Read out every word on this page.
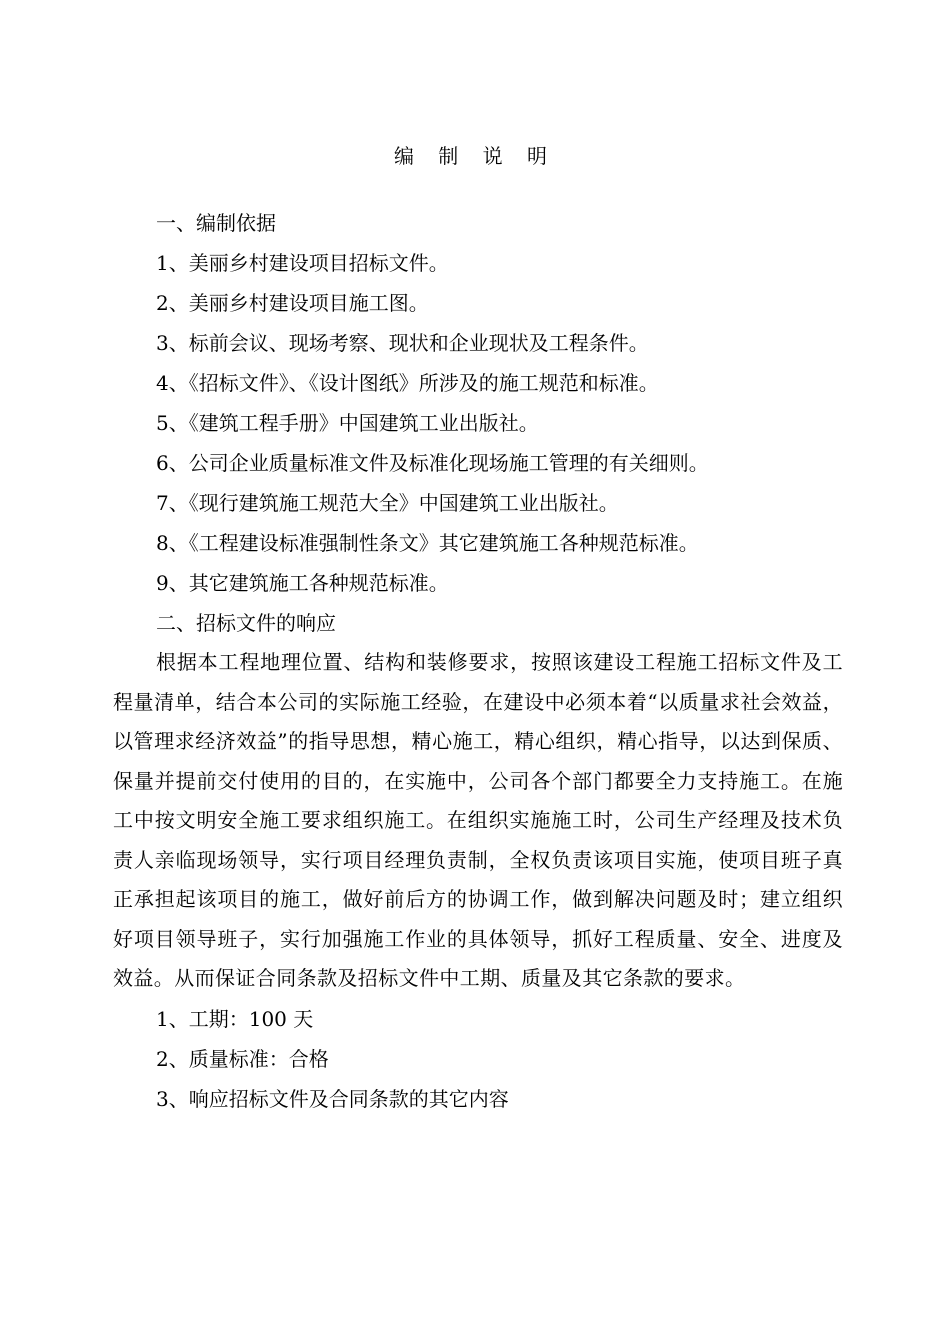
编 制 说 明
一、编制依据
1、美丽乡村建设项目招标文件。
2、美丽乡村建设项目施工图。
3、标前会议、现场考察、现状和企业现状及工程条件。
4、《招标文件》、《设计图纸》所涉及的施工规范和标准。
5、《建筑工程手册》中国建筑工业出版社。
6、公司企业质量标准文件及标准化现场施工管理的有关细则。
7、《现行建筑施工规范大全》中国建筑工业出版社。
8、《工程建设标准强制性条文》其它建筑施工各种规范标准。
9、其它建筑施工各种规范标准。
二、招标文件的响应
根据本工程地理位置、结构和装修要求，按照该建设工程施工招标文件及工程量清单，结合本公司的实际施工经验，在建设中必须本着“以质量求社会效益，以管理求经济效益”的指导思想，精心施工，精心组织，精心指导，以达到保质、保量并提前交付使用的目的，在实施中，公司各个部门都要全力支持施工。在施工中按文明安全施工要求组织施工。在组织实施施工时，公司生产经理及技术负责人亲临现场领导，实行项目经理负责制，全权负责该项目实施，使项目班子真正承担起该项目的施工，做好前后方的协调工作，做到解决问题及时；建立组织好项目领导班子，实行加强施工作业的具体领导，抓好工程质量、安全、进度及效益。从而保证合同条款及招标文件中工期、质量及其它条款的要求。
1、工期：100 天
2、质量标准：合格
3、响应招标文件及合同条款的其它内容
